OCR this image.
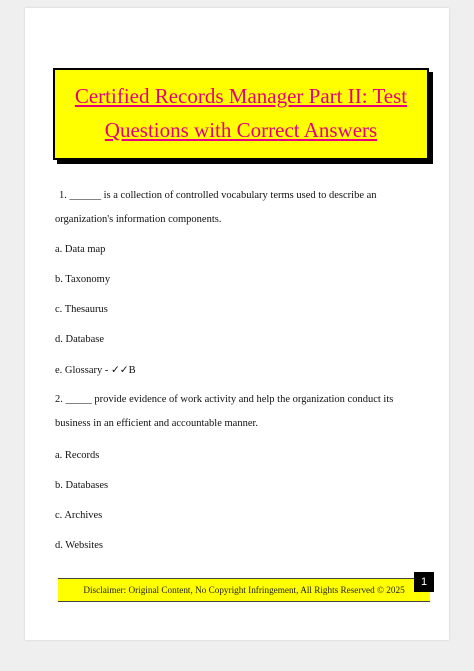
Certified Records Manager Part II: Test
Questions with Correct Answers
1. ______ is a collection of controlled vocabulary terms used to describe an
organization's information components.
a. Data map
b. Taxonomy
c. Thesaurus
d. Database
e. Glossary - ✓✓B
2. _____ provide evidence of work activity and help the organization conduct its
business in an efficient and accountable manner.
a. Records
b. Databases
c. Archives
d. Websites
Disclaimer: Original Content, No Copyright Infringement, All Rights Reserved © 2025
1
